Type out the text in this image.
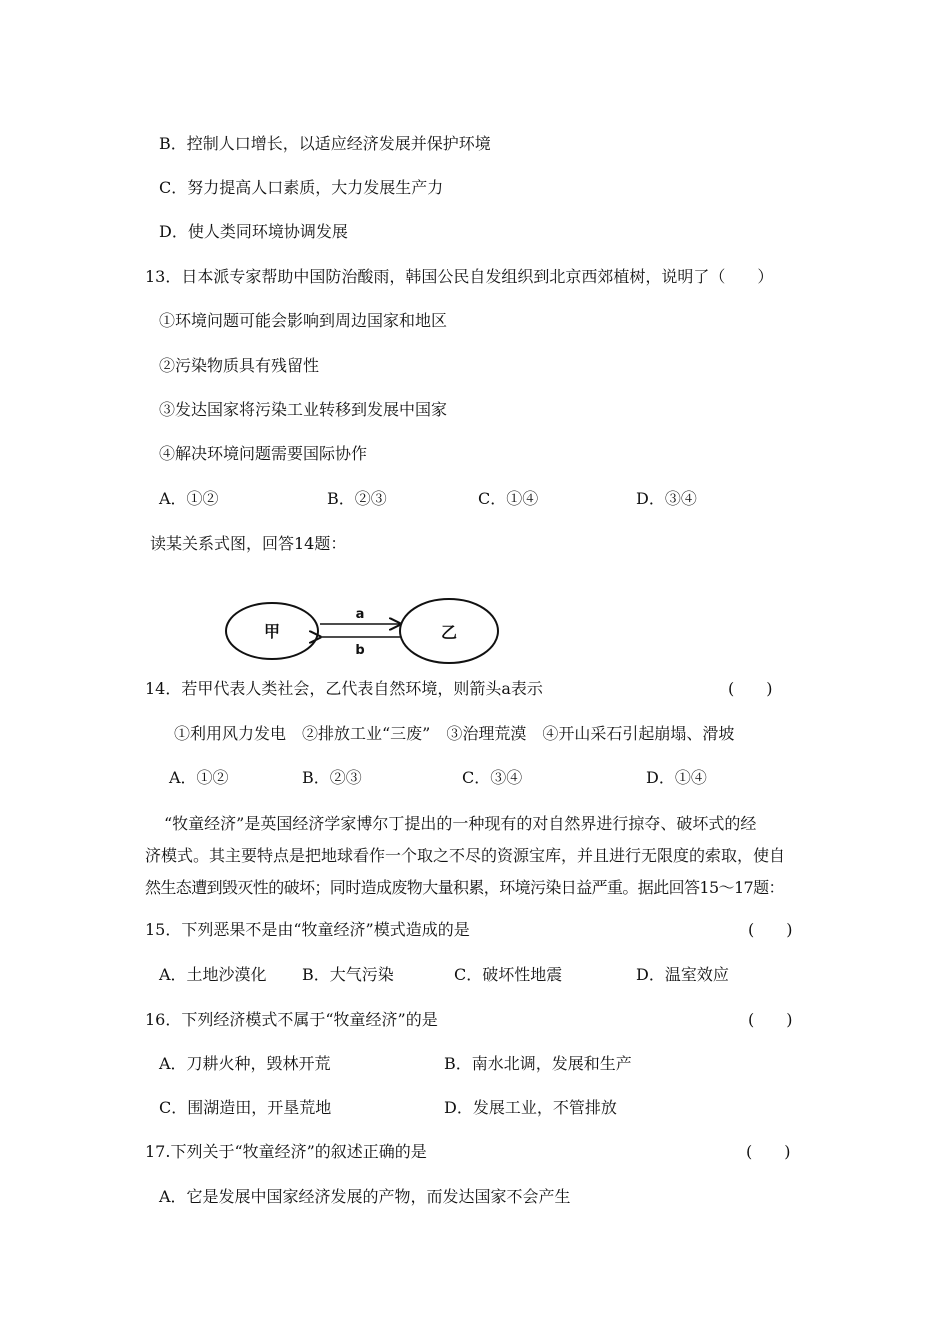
B．控制人口增长，以适应经济发展并保护环境
C．努力提高人口素质，大力发展生产力
D．使人类同环境协调发展
13．日本派专家帮助中国防治酸雨，韩国公民自发组织到北京西郊植树，说明了（　　）
①环境问题可能会影响到周边国家和地区
②污染物质具有残留性
③发达国家将污染工业转移到发展中国家
④解决环境问题需要国际协作
A．①②	B．②③	C．①④	D．③④
读某关系式图，回答14题：
甲	乙
a
b
14．若甲代表人类社会，乙代表自然环境，则箭头a表示	(　　)
①利用风力发电　②排放工业“三废”　③治理荒漠　④开山采石引起崩塌、滑坡
A．①②	B．②③	C．③④	D．①④
“牧童经济”是英国经济学家博尔丁提出的一种现有的对自然界进行掠夺、破坏式的经
济模式。其主要特点是把地球看作一个取之不尽的资源宝库，并且进行无限度的索取，使自
然生态遭到毁灭性的破坏；同时造成废物大量积累，环境污染日益严重。据此回答15～17题：
15．下列恶果不是由“牧童经济”模式造成的是	(　　)
A．土地沙漠化 B．大气污染	C．破坏性地震	D．温室效应
16．下列经济模式不属于“牧童经济”的是	(　　)
A．刀耕火种，毁林开荒	B．南水北调，发展和生产
C．围湖造田，开垦荒地	D．发展工业，不管排放
17.下列关于“牧童经济”的叙述正确的是	(　　)
A．它是发展中国家经济发展的产物，而发达国家不会产生
